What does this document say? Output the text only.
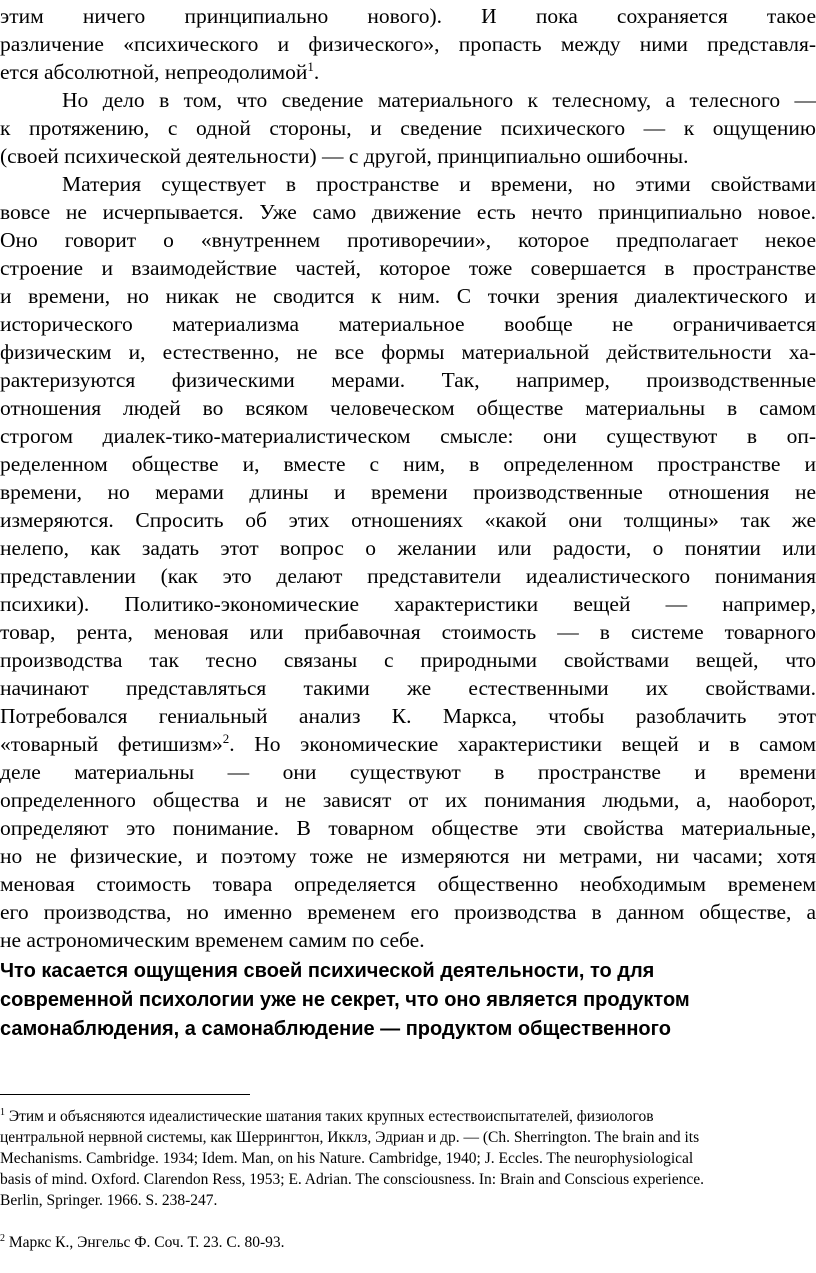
этим ничего принципиально нового). И пока сохраняется такое
различение «психического и физического», пропасть между ними представля-
ется абсолютной, непреодолимой$^1$.
Но дело в том, что сведение материального к телесному, а телесного —
к протяжению, с одной стороны, и сведение психического — к ощущению
(своей психической деятельности) — с другой, принципиально ошибочны.
Материя существует в пространстве и времени, но этими свойствами
вовсе не исчерпывается. Уже само движение есть нечто принципиально новое.
Оно говорит о «внутреннем противоречии», которое предполагает некое
строение и взаимодействие частей, которое тоже совершается в пространстве
и времени, но никак не сводится к ним. С точки зрения диалектического и
исторического материализма материальное вообще не ограничивается
физическим и, естественно, не все формы материальной действительности ха-
рактеризуются физическими мерами. Так, например, производственные
отношения людей во всяком человеческом обществе материальны в самом
строгом диалек-тико-материалистическом смысле: они существуют в оп-
ределенном обществе и, вместе с ним, в определенном пространстве и
времени, но мерами длины и времени производственные отношения не
измеряются. Спросить об этих отношениях «какой они толщины» так же
нелепо, как задать этот вопрос о желании или радости, о понятии или
представлении (как это делают представители идеалистического понимания
психики). Политико-экономические характеристики вещей — например,
товар, рента, меновая или прибавочная стоимость — в системе товарного
производства так тесно связаны с природными свойствами вещей, что
начинают представляться такими же естественными их свойствами.
Потребовался гениальный анализ К. Маркса, чтобы разоблачить этот
«товарный фетишизм»$^2$. Но экономические характеристики вещей и в самом
деле материальны — они существуют в пространстве и времени
определенного общества и не зависят от их понимания людьми, а, наоборот,
определяют это понимание. В товарном обществе эти свойства материальные,
но не физические, и поэтому тоже не измеряются ни метрами, ни часами; хотя
меновая стоимость товара определяется общественно необходимым временем
его производства, но именно временем его производства в данном обществе, а
не астрономическим временем самим по себе.
Что касается ощущения своей психической деятельности, то для
современной психологии уже не секрет, что оно является продуктом
самонаблюдения, а самонаблюдение — продуктом общественного
$^1$ Этим и объясняются идеалистические шатания таких крупных естествоиспытателей, физиологов
центральной нервной системы, как Шеррингтон, Икклз, Эдриан и др. — (Ch. Sherrington. The brain and its
Mechanisms. Cambridge. 1934; Idem. Man, on his Nature. Cambridge, 1940; J. Eccles. The neurophysiological
basis of mind. Oxford. Clarendon Ress, 1953; E. Adrian. The consciousness. In: Brain and Conscious experience.
Berlin, Springer. 1966. S. 238-247.
$^2$ Маркс К., Энгельс Ф. Соч. Т. 23. С. 80-93.
